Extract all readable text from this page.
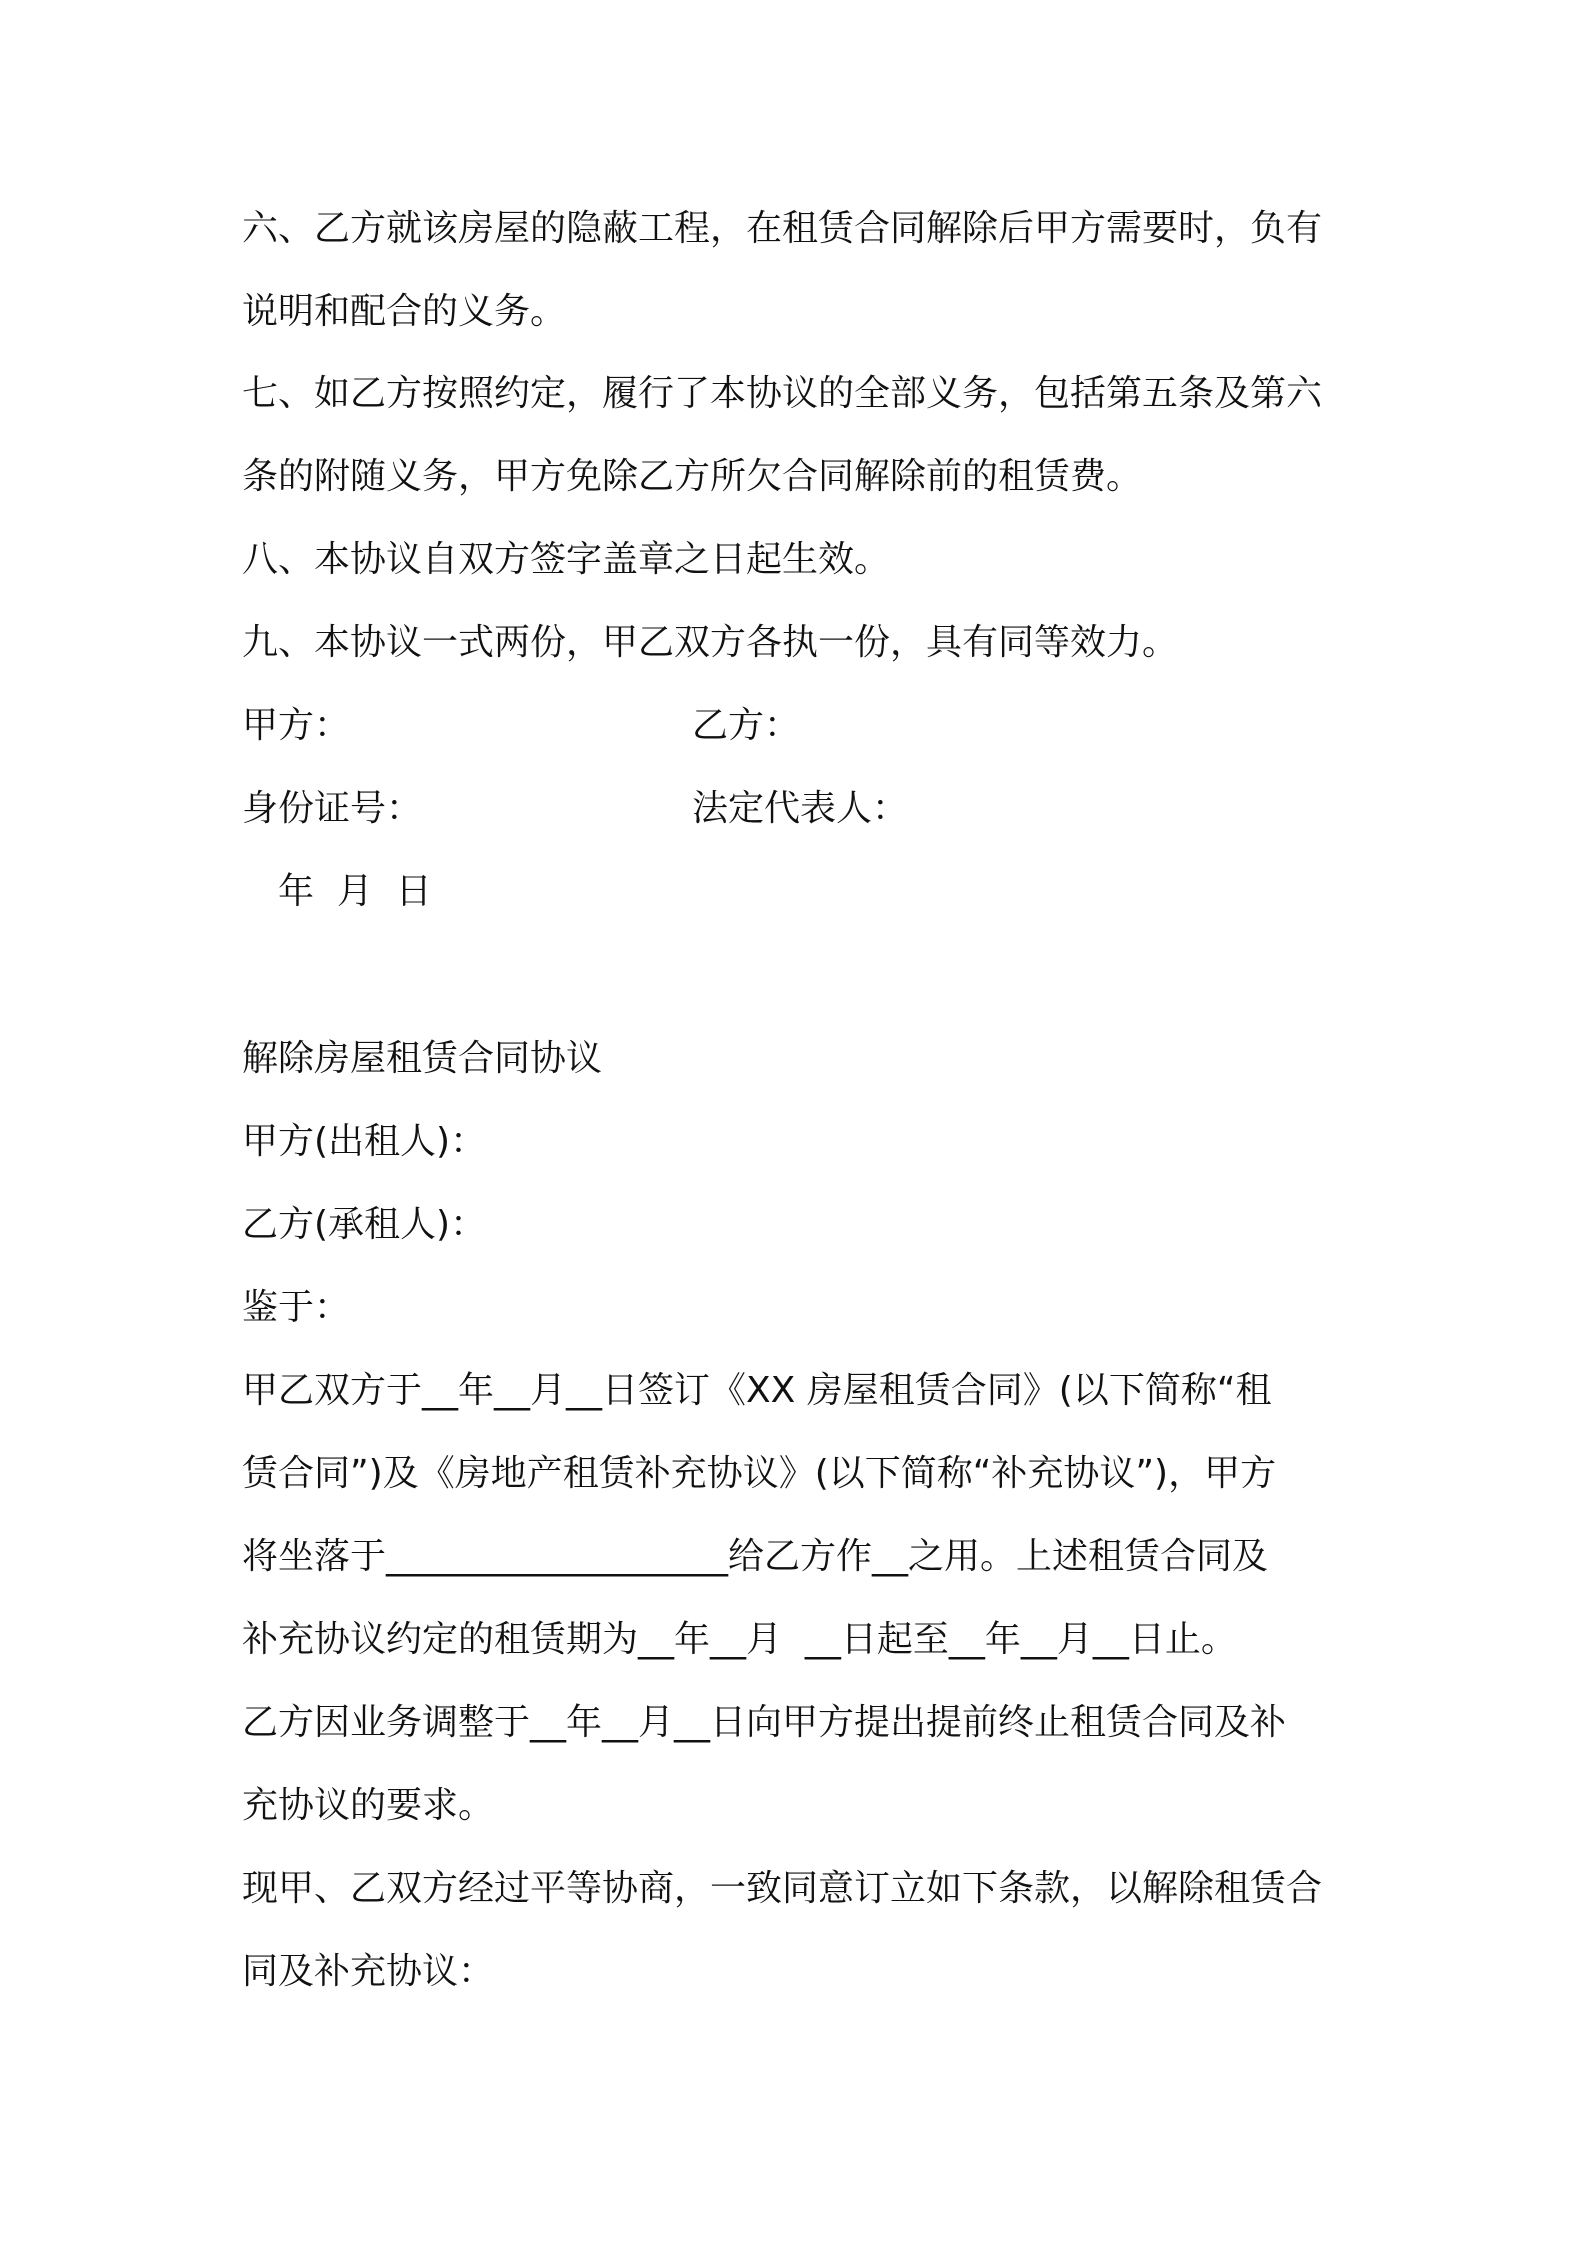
六、乙方就该房屋的隐蔽工程，在租赁合同解除后甲方需要时，负有
说明和配合的义务。
七、如乙方按照约定，履行了本协议的全部义务，包括第五条及第六
条的附随义务，甲方免除乙方所欠合同解除前的租赁费。
八、本协议自双方签字盖章之日起生效。
九、本协议一式两份，甲乙双方各执一份，具有同等效力。
甲方：	乙方：
身份证号：	法定代表人：
年  月  日
解除房屋租赁合同协议
甲方(出租人)：
乙方(承租人)：
鉴于：
甲乙双方于__年__月__日签订《XX 房屋租赁合同》(以下简称“租
赁合同”)及《房地产租赁补充协议》(以下简称“补充协议”)，甲方
将坐落于___________________给乙方作__之用。上述租赁合同及
补充协议约定的租赁期为__年__月  __日起至__年__月__日止。
乙方因业务调整于__年__月__日向甲方提出提前终止租赁合同及补
充协议的要求。
现甲、乙双方经过平等协商，一致同意订立如下条款，以解除租赁合
同及补充协议：
